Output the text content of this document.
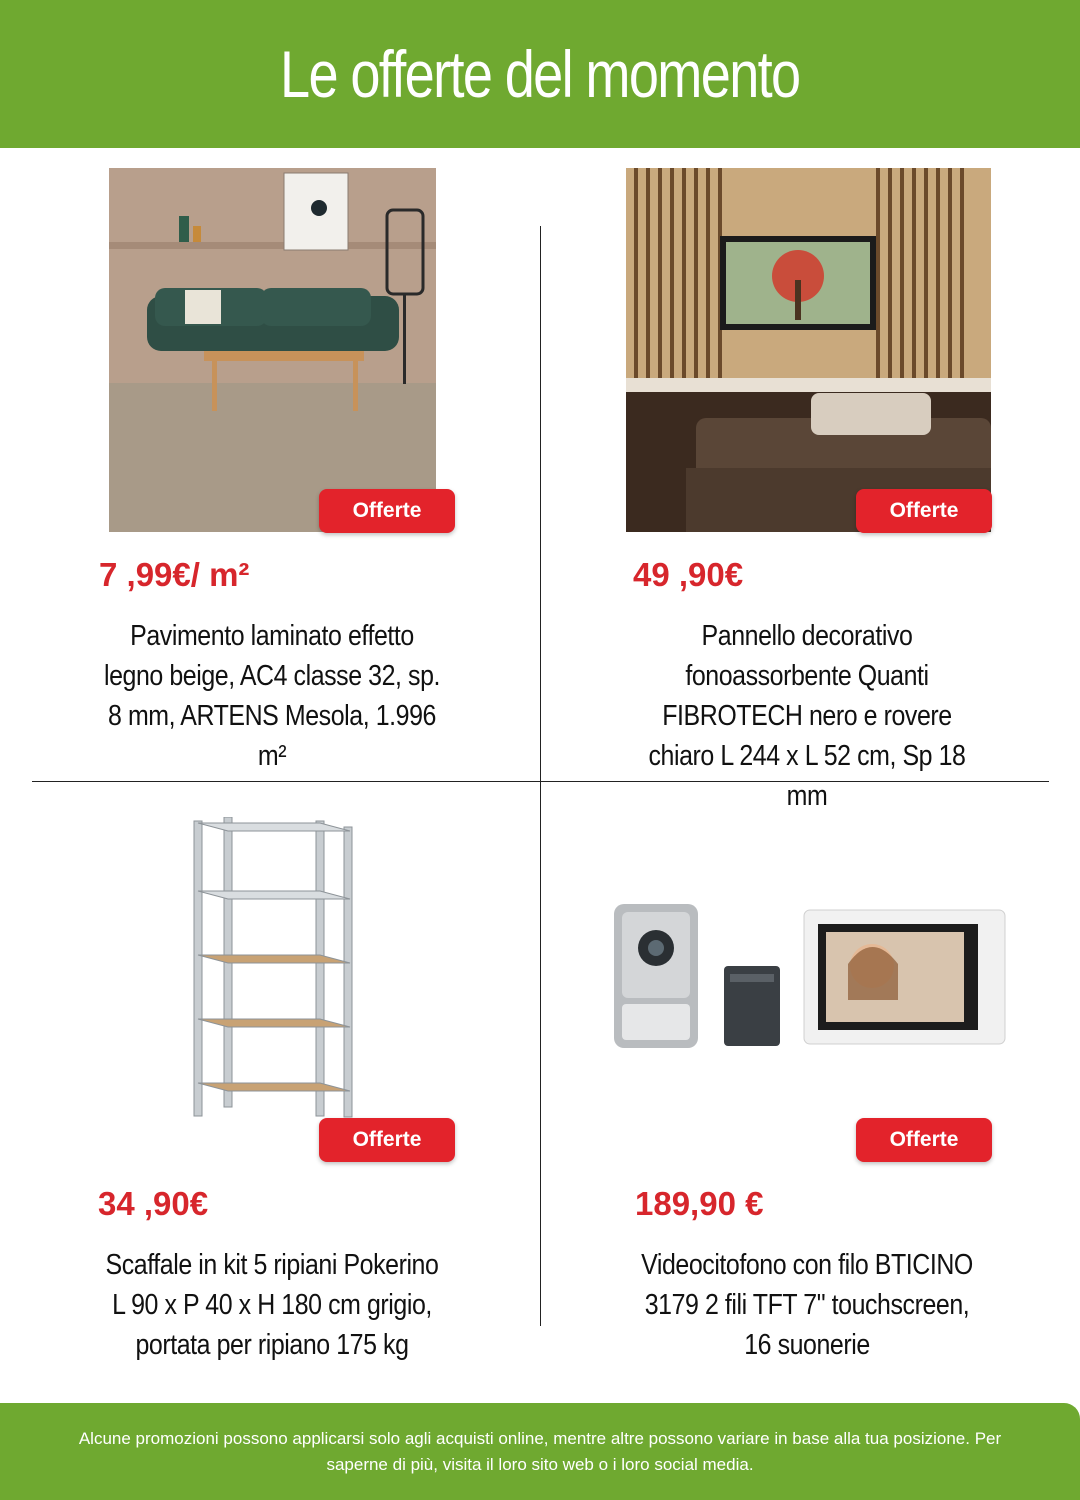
Le offerte del momento
Offerte
7 ,99€/ m²
Pavimento laminato effetto legno beige, AC4 classe 32, sp. 8 mm, ARTENS Mesola, 1.996 m²
Offerte
49 ,90€
Pannello decorativo fonoassorbente Quanti FIBROTECH nero e rovere chiaro L 244 x L 52 cm, Sp 18 mm
Offerte
34 ,90€
Scaffale in kit 5 ripiani Pokerino L 90 x P 40 x H 180 cm grigio, portata per ripiano 175 kg
Offerte
189,90 €
Videocitofono con filo BTICINO 3179 2 fili TFT 7" touchscreen, 16 suonerie

Alcune promozioni possono applicarsi solo agli acquisti online, mentre altre possono variare in base alla tua posizione. Per saperne di più, visita il loro sito web o i loro social media.
